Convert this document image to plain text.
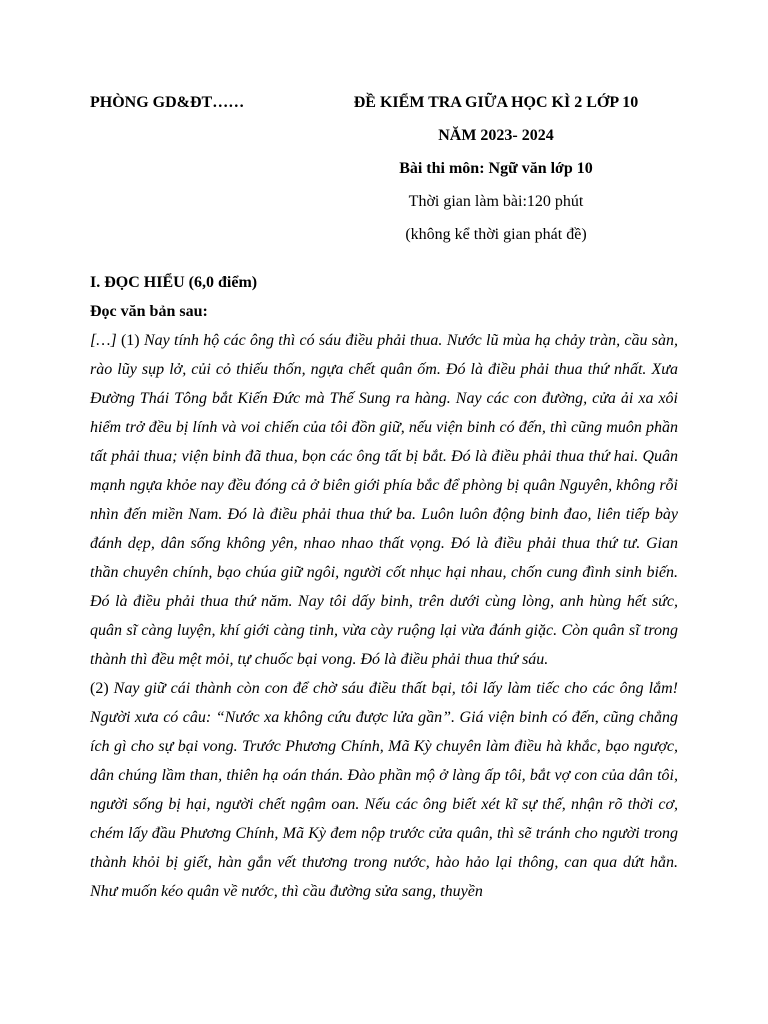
PHÒNG GD&ĐT……	ĐỀ KIỂM TRA GIỮA HỌC KÌ 2 LỚP 10
NĂM 2023- 2024
Bài thi môn: Ngữ văn lớp 10
Thời gian làm bài:120 phút
(không kể thời gian phát đề)

I. ĐỌC HIỂU (6,0 điểm)

Đọc văn bản sau:

[…] (1) Nay tính hộ các ông thì có sáu điều phải thua. Nước lũ mùa hạ chảy tràn, cầu sàn, rào lũy sụp lở, củi cỏ thiếu thốn, ngựa chết quân ốm. Đó là điều phải thua thứ nhất. Xưa Đường Thái Tông bắt Kiến Đức mà Thế Sung ra hàng. Nay các con đường, cửa ải xa xôi hiểm trở đều bị lính và voi chiến của tôi đồn giữ, nếu viện binh có đến, thì cũng muôn phần tất phải thua; viện binh đã thua, bọn các ông tất bị bắt. Đó là điều phải thua thứ hai. Quân mạnh ngựa khỏe nay đều đóng cả ở biên giới phía bắc để phòng bị quân Nguyên, không rỗi nhìn đến miền Nam. Đó là điều phải thua thứ ba. Luôn luôn động binh đao, liên tiếp bày đánh dẹp, dân sống không yên, nhao nhao thất vọng. Đó là điều phải thua thứ tư. Gian thần chuyên chính, bạo chúa giữ ngôi, người cốt nhục hại nhau, chốn cung đình sinh biến. Đó là điều phải thua thứ năm. Nay tôi dấy binh, trên dưới cùng lòng, anh hùng hết sức, quân sĩ càng luyện, khí giới càng tinh, vừa cày ruộng lại vừa đánh giặc. Còn quân sĩ trong thành thì đều mệt mỏi, tự chuốc bại vong. Đó là điều phải thua thứ sáu.

(2) Nay giữ cái thành còn con để chờ sáu điều thất bại, tôi lấy làm tiếc cho các ông lắm! Người xưa có câu: “Nước xa không cứu được lửa gần”. Giá viện binh có đến, cũng chẳng ích gì cho sự bại vong. Trước Phương Chính, Mã Kỳ chuyên làm điều hà khắc, bạo ngược, dân chúng lầm than, thiên hạ oán thán. Đào phần mộ ở làng ấp tôi, bắt vợ con của dân tôi, người sống bị hại, người chết ngậm oan. Nếu các ông biết xét kĩ sự thế, nhận rõ thời cơ, chém lấy đầu Phương Chính, Mã Kỳ đem nộp trước cửa quân, thì sẽ tránh cho người trong thành khỏi bị giết, hàn gắn vết thương trong nước, hào hảo lại thông, can qua dứt hẳn. Như muốn kéo quân về nước, thì cầu đường sửa sang, thuyền
